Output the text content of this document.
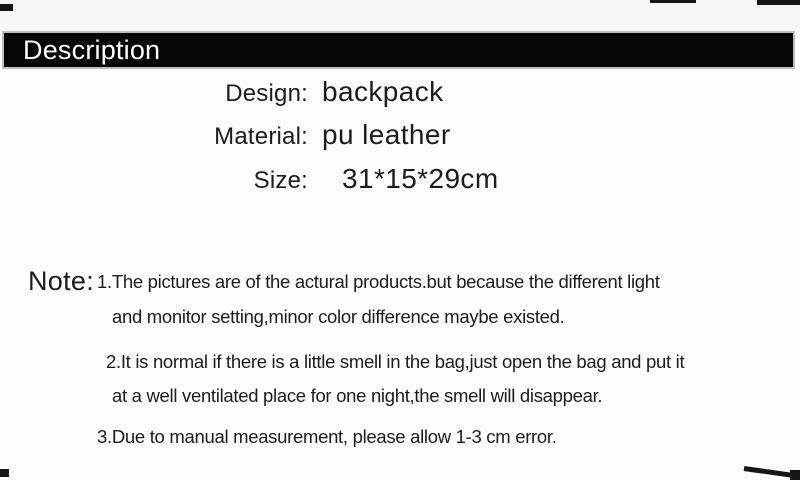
Description
Design: backpack
Material: pu leather
Size: 31*15*29cm
Note: 1.The pictures are of the actural products.but because the different light
and monitor setting,minor color difference maybe existed.
2.It is normal if there is a little smell in the bag,just open the bag and put it
at a well ventilated place for one night,the smell will disappear.
3.Due to manual measurement, please allow 1-3 cm error.
